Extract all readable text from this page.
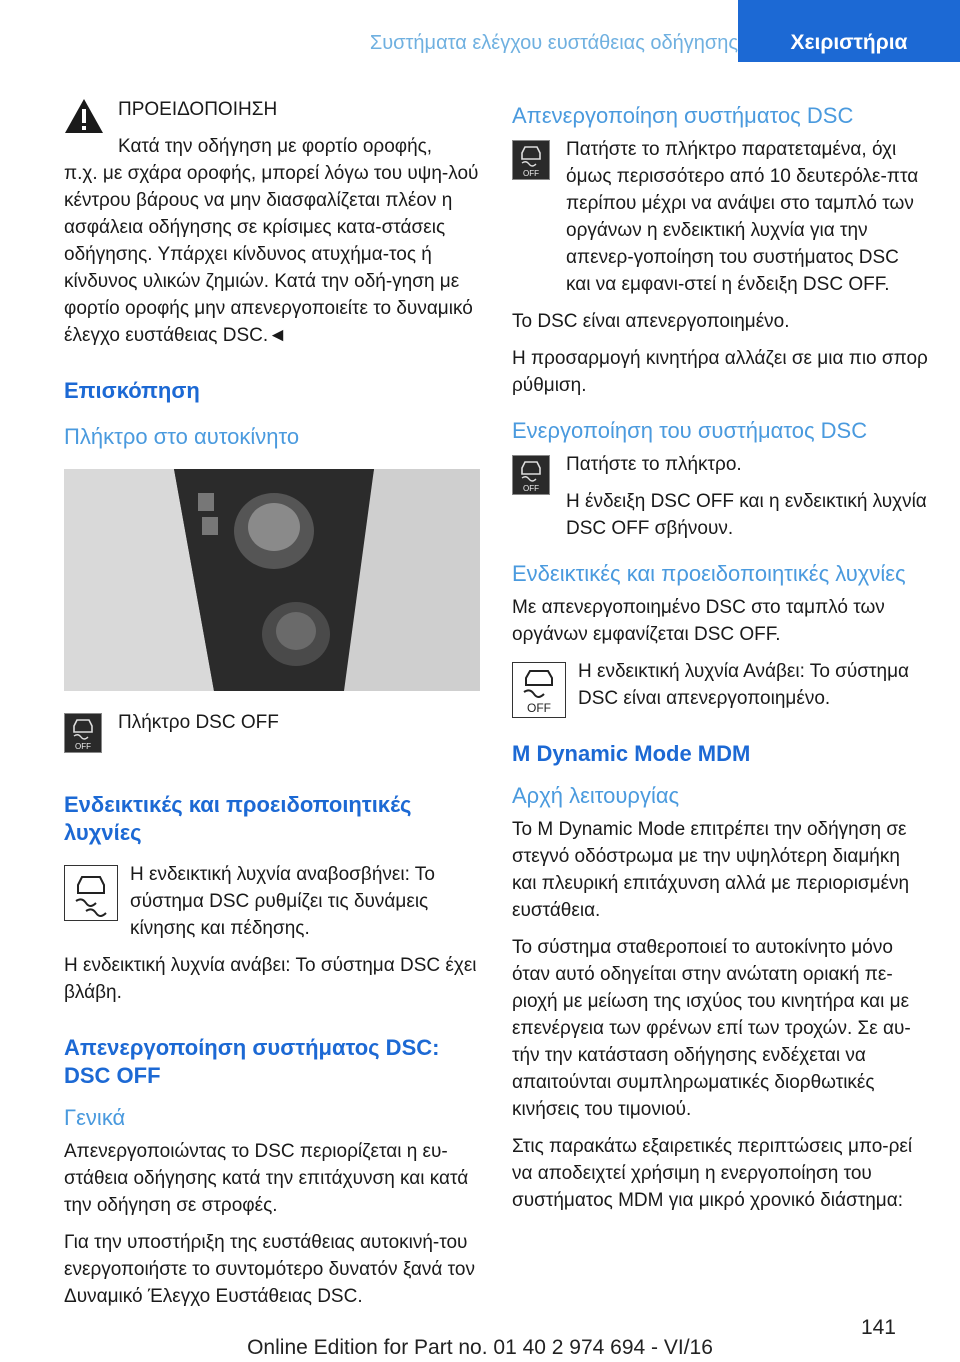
Συστήματα ελέγχου ευστάθειας οδήγησης	Χειριστήρια

ΠΡΟΕΙΔΟΠΟΙΗΣΗ

Κατά την οδήγηση με φορτίο οροφής,

π.χ. με σχάρα οροφής, μπορεί λόγω του υψη-λού κέντρου βάρους να μην διασφαλίζεται πλέον η ασφάλεια οδήγησης σε κρίσιμες κατα-στάσεις οδήγησης. Υπάρχει κίνδυνος ατυχήμα-τος ή κίνδυνος υλικών ζημιών. Κατά την οδή-γηση με φορτίο οροφής μην απενεργοποιείτε το δυναμικό έλεγχο ευστάθειας DSC.◄

Επισκόπηση
Πλήκτρο στο αυτοκίνητο
OFF

Πλήκτρο DSC OFF

Ενδεικτικές και προειδοποιητικές λυχνίες

Η ενδεικτική λυχνία αναβοσβήνει: Το σύστημα DSC ρυθμίζει τις δυνάμεις κίνησης και πέδησης.

Η ενδεικτική λυχνία ανάβει: Το σύστημα DSC έχει βλάβη.

Απενεργοποίηση συστήματος DSC: DSC OFF
Γενικά

Απενεργοποιώντας το DSC περιορίζεται η ευ-στάθεια οδήγησης κατά την επιτάχυνση και κατά την οδήγηση σε στροφές.

Για την υποστήριξη της ευστάθειας αυτοκινή-του ενεργοποιήστε το συντομότερο δυνατόν ξανά τον Δυναμικό Έλεγχο Ευστάθειας DSC.

Απενεργοποίηση συστήματος DSC
OFF

Πατήστε το πλήκτρο παρατεταμένα, όχι όμως περισσότερο από 10 δευτερόλε-πτα περίπου μέχρι να ανάψει στο ταμπλό των οργάνων η ενδεικτική λυχνία για την απενερ-γοποίηση του συστήματος DSC και να εμφανι-στεί η ένδειξη DSC OFF.

Το DSC είναι απενεργοποιημένο.

Η προσαρμογή κινητήρα αλλάζει σε μια πιο σπορ ρύθμιση.

Ενεργοποίηση του συστήματος DSC
OFF

Πατήστε το πλήκτρο.

Η ένδειξη DSC OFF και η ενδεικτική λυχνία DSC OFF σβήνουν.

Ενδεικτικές και προειδοποιητικές λυχνίες

Με απενεργοποιημένο DSC στο ταμπλό των οργάνων εμφανίζεται DSC OFF.

OFF

Η ενδεικτική λυχνία Ανάβει: Το σύστημα DSC είναι απενεργοποιημένο.

M Dynamic Mode MDM
Αρχή λειτουργίας

Το M Dynamic Mode επιτρέπει την οδήγηση σε στεγνό οδόστρωμα με την υψηλότερη διαμήκη και πλευρική επιτάχυνση αλλά με περιορισμένη ευστάθεια.

Το σύστημα σταθεροποιεί το αυτοκίνητο μόνο όταν αυτό οδηγείται στην ανώτατη οριακή πε-ριοχή με μείωση της ισχύος του κινητήρα και με επενέργεια των φρένων επί των τροχών. Σε αυ-τήν την κατάσταση οδήγησης ενδέχεται να απαιτούνται συμπληρωματικές διορθωτικές κινήσεις του τιμονιού.

Στις παρακάτω εξαιρετικές περιπτώσεις μπο-ρεί να αποδειχτεί χρήσιμη η ενεργοποίηση του συστήματος MDM για μικρό χρονικό διάστημα:

141
Online Edition for Part no. 01 40 2 974 694 - VI/16
